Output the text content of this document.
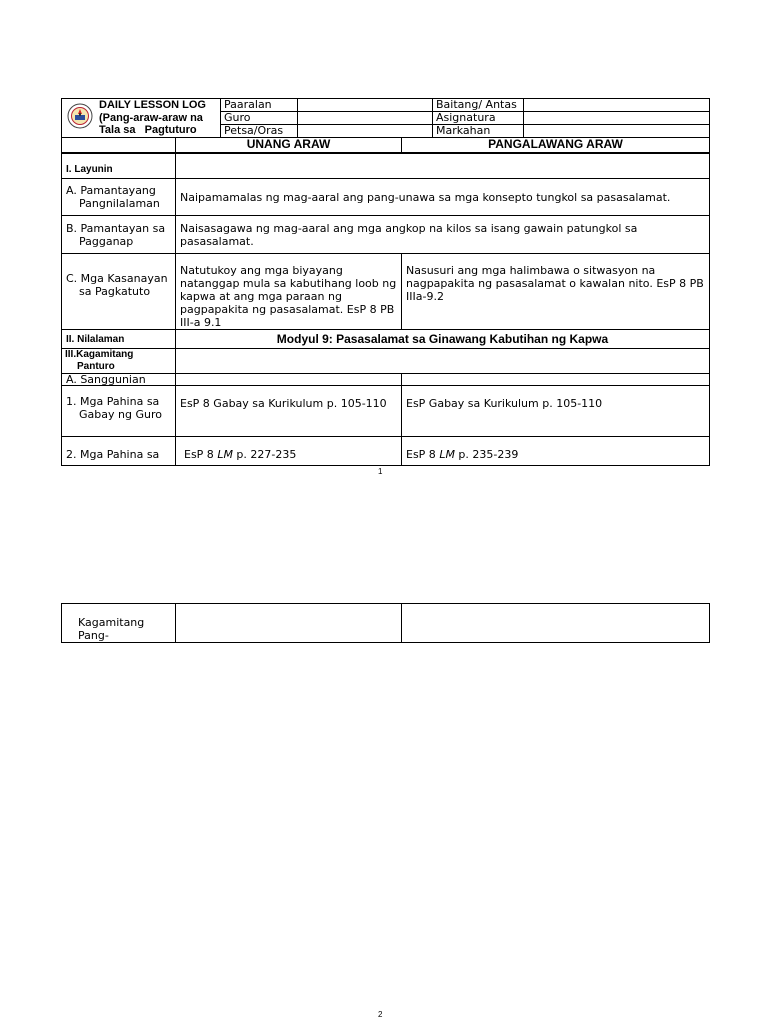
DAILY LESSON LOG
(Pang-araw-araw na
Tala sa   Pagtuturo	Paaralan		Baitang/ Antas	
	Guro		Asignatura	
	Petsa/Oras		Markahan	
	UNANG ARAW	PANGALAWANG ARAW
I. Layunin		
A. Pamantayang Pangnilalaman	Naipamamalas ng mag-aaral ang pang-unawa sa mga konsepto tungkol sa pasasalamat.	
B. Pamantayan sa Pagganap	Naisasagawa ng mag-aaral ang mga angkop na kilos sa isang gawain patungkol sa pasasalamat.	
C. Mga Kasanayan sa Pagkatuto	Natutukoy ang mga biyayang natanggap mula sa kabutihang loob ng kapwa at ang mga paraan ng pagpapakita ng pasasalamat. EsP 8 PB III-a 9.1	Nasusuri ang mga halimbawa o sitwasyon na nagpapakita ng pasasalamat o kawalan nito. EsP 8 PB IIIa-9.2
II. Nilalaman	Modyul 9: Pasasalamat sa Ginawang Kabutihan ng Kapwa	
III.Kagamitang Panturo		
A. Sanggunian		
1. Mga Pahina sa Gabay ng Guro	EsP 8 Gabay sa Kurikulum p. 105-110	EsP Gabay sa Kurikulum p. 105-110
2. Mga Pahina sa	EsP 8 LM p. 227-235	EsP 8 LM p. 235-239
1
Kagamitang Pang-		
2
